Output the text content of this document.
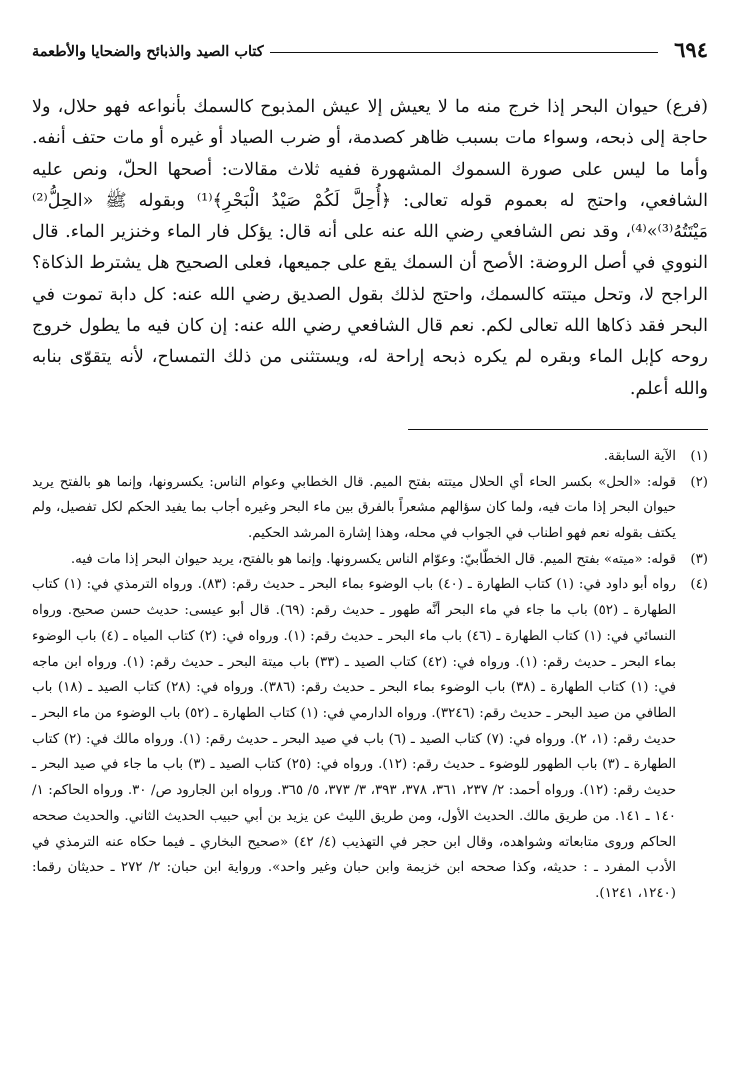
٦٩٤
كتاب الصيد والذبائح والضحايا والأطعمة
(فرع) حيوان البحر إذا خرج منه ما لا يعيش إلا عيش المذبوح كالسمك بأنواعه فهو حلال، ولا حاجة إلى ذبحه، وسواء مات بسبب ظاهر كصدمة، أو ضرب الصياد أو غيره أو مات حتف أنفه. وأما ما ليس على صورة السموك المشهورة ففيه ثلاث مقالات: أصحها الحلّ، ونص عليه الشافعي، واحتج له بعموم قوله تعالى: ﴿أُحِلَّ لَكُمْ صَيْدُ الْبَحْرِ﴾⁽¹⁾ وبقوله ﷺ «الحِلُّ⁽²⁾ مَيْتَتُهُ⁽³⁾»⁽⁴⁾، وقد نص الشافعي رضي الله عنه على أنه قال: يؤكل فار الماء وخنزير الماء. قال النووي في أصل الروضة: الأصح أن السمك يقع على جميعها، فعلى الصحيح هل يشترط الذكاة؟ الراجح لا، وتحل ميتته كالسمك، واحتج لذلك بقول الصديق رضي الله عنه: كل دابة تموت في البحر فقد ذكاها الله تعالى لكم. نعم قال الشافعي رضي الله عنه: إن كان فيه ما يطول خروج روحه كإبل الماء وبقره لم يكره ذبحه إراحة له، ويستثنى من ذلك التمساح، لأنه يتقوّى بنابه والله أعلم.
(١)
الآية السابقة.
(٢)
قوله: «الحل» بكسر الحاء أي الحلال ميتته بفتح الميم. قال الخطابي وعوام الناس: يكسرونها، وإنما هو بالفتح يريد حيوان البحر إذا مات فيه، ولما كان سؤالهم مشعراً بالفرق بين ماء البحر وغيره أجاب بما يفيد الحكم لكل تفصيل، ولم يكتف بقوله نعم فهو اطناب في الجواب في محله، وهذا إشارة المرشد الحكيم.
(٣)
قوله: «ميته» بفتح الميم. قال الخطّابيّ: وعوّام الناس يكسرونها. وإنما هو بالفتح، يريد حيوان البحر إذا مات فيه.
(٤)
رواه أبو داود في: (١) كتاب الطهارة ـ (٤٠) باب الوضوء بماء البحر ـ حديث رقم: (٨٣). ورواه الترمذي في: (١) كتاب الطهارة ـ (٥٢) باب ما جاء في ماء البحر أنَّه طهور ـ حديث رقم: (٦٩). قال أبو عيسى: حديث حسن صحيح. ورواه النسائي في: (١) كتاب الطهارة ـ (٤٦) باب ماء البحر ـ حديث رقم: (١). ورواه في: (٢) كتاب المياه ـ (٤) باب الوضوء بماء البحر ـ حديث رقم: (١). ورواه في: (٤٢) كتاب الصيد ـ (٣٣) باب ميتة البحر ـ حديث رقم: (١). ورواه ابن ماجه في: (١) كتاب الطهارة ـ (٣٨) باب الوضوء بماء البحر ـ حديث رقم: (٣٨٦). ورواه في: (٢٨) كتاب الصيد ـ (١٨) باب الطافي من صيد البحر ـ حديث رقم: (٣٢٤٦). ورواه الدارمي في: (١) كتاب الطهارة ـ (٥٢) باب الوضوء من ماء البحر ـ حديث رقم: (١، ٢). ورواه في: (٧) كتاب الصيد ـ (٦) باب في صيد البحر ـ حديث رقم: (١). ورواه مالك في: (٢) كتاب الطهارة ـ (٣) باب الطهور للوضوء ـ حديث رقم: (١٢). ورواه في: (٢٥) كتاب الصيد ـ (٣) باب ما جاء في صيد البحر ـ حديث رقم: (١٢). ورواه أحمد: ٢/ ٢٣٧، ٣٦١، ٣٧٨، ٣٩٣، ٣/ ٣٧٣، ٥/ ٣٦٥. ورواه ابن الجارود ص/ ٣٠. ورواه الحاكم: ١/ ١٤٠ ـ ١٤١. من طريق مالك. الحديث الأول، ومن طريق الليث عن يزيد بن أبي حبيب الحديث الثاني. والحديث صححه الحاكم وروى متابعاته وشواهده، وقال ابن حجر في التهذيب (٤/ ٤٢) «صحيح البخاري ـ فيما حكاه عنه الترمذي في الأدب المفرد ـ : حديثه، وكذا صححه ابن خزيمة وابن حبان وغير واحد». ورواية ابن حبان: ٢/ ٢٧٢ ـ حديثان رقما: (١٢٤٠، ١٢٤١).
